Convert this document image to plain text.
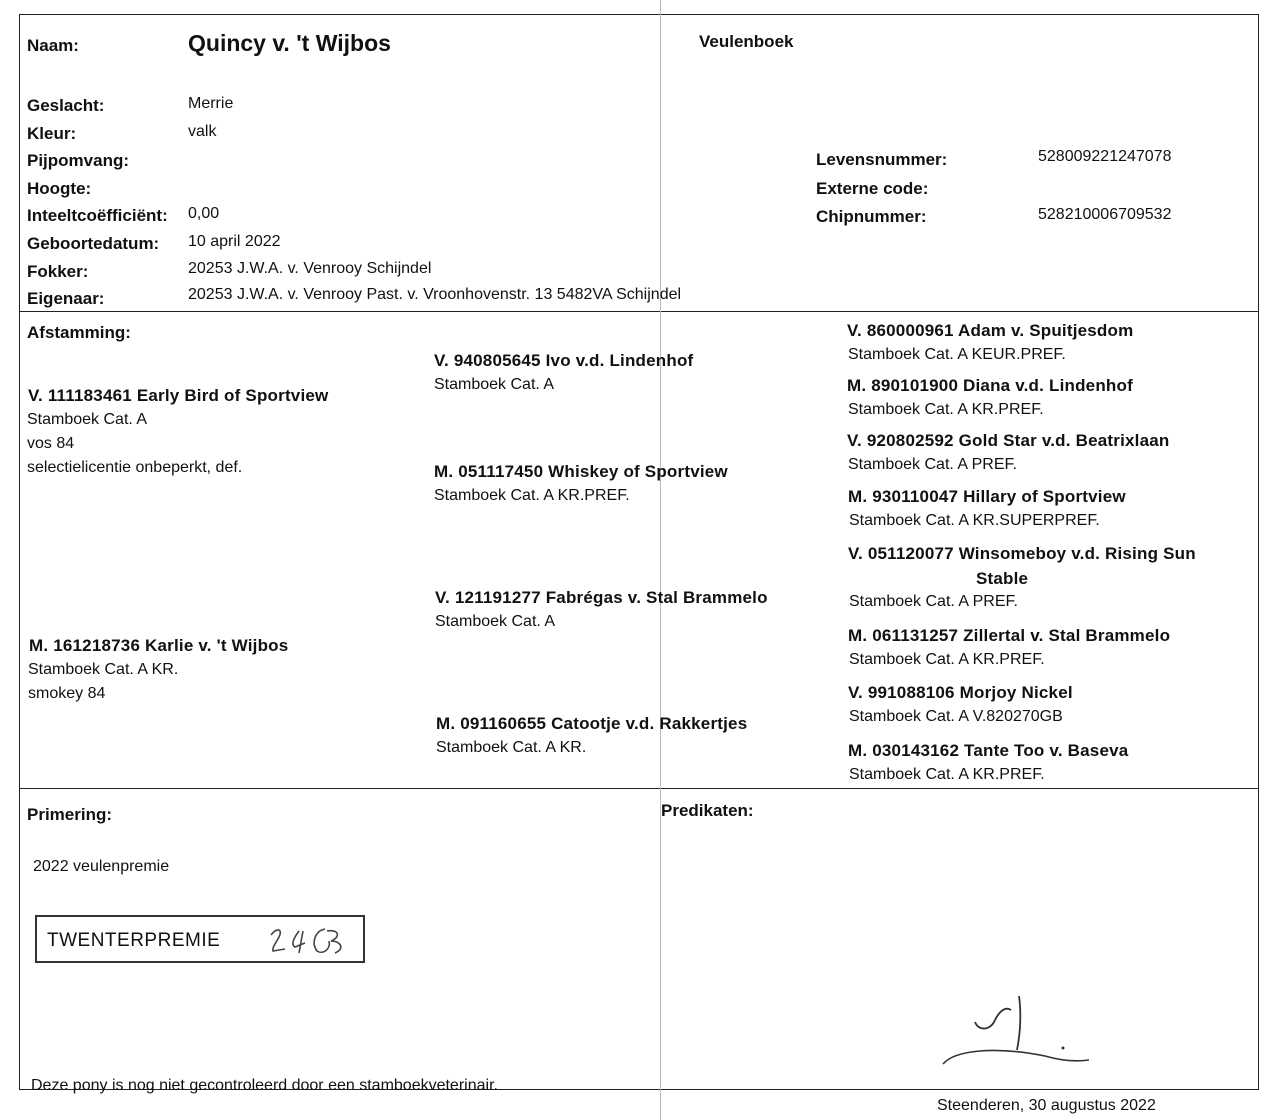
Naam:	Quincy v. 't Wijbos	Veulenboek
Geslacht:	Merrie
Kleur:	valk
Pijpomvang:
Hoogte:
Inteeltcoëfficiënt: 0,00
Geboortedatum: 10 april 2022
Fokker:	20253 J.W.A. v. Venrooy Schijndel
Eigenaar:	20253 J.W.A. v. Venrooy Past. v. Vroonhovenstr. 13 5482VA Schijndel
Levensnummer:	528009221247078
Externe code:
Chipnummer:	528210006709532
Afstamming:
V. 111183461 Early Bird of Sportview
Stamboek Cat. A
vos 84
selectielicentie onbeperkt, def.
M. 161218736 Karlie v. 't Wijbos
Stamboek Cat. A KR.
smokey 84
V. 940805645 Ivo v.d. Lindenhof
Stamboek Cat. A
M. 051117450 Whiskey of Sportview
Stamboek Cat. A KR.PREF.
V. 121191277 Fabrégas v. Stal Brammelo
Stamboek Cat. A
M. 091160655 Catootje v.d. Rakkertjes
Stamboek Cat. A KR.
V. 860000961 Adam v. Spuitjesdom
Stamboek Cat. A KEUR.PREF.
M. 890101900 Diana v.d. Lindenhof
Stamboek Cat. A KR.PREF.
V. 920802592 Gold Star v.d. Beatrixlaan
Stamboek Cat. A PREF.
M. 930110047 Hillary of Sportview
Stamboek Cat. A KR.SUPERPREF.
V. 051120077 Winsomeboy v.d. Rising Sun
Stable
Stamboek Cat. A PREF.
M. 061131257 Zillertal v. Stal Brammelo
Stamboek Cat. A KR.PREF.
V. 991088106 Morjoy Nickel
Stamboek Cat. A V.820270GB
M. 030143162 Tante Too v. Baseva
Stamboek Cat. A KR.PREF.
Primering:
2022 veulenpremie
TWENTERPREMIE
Predikaten:
Deze pony is nog niet gecontroleerd door een stamboekveterinair.
Steenderen, 30 augustus 2022
